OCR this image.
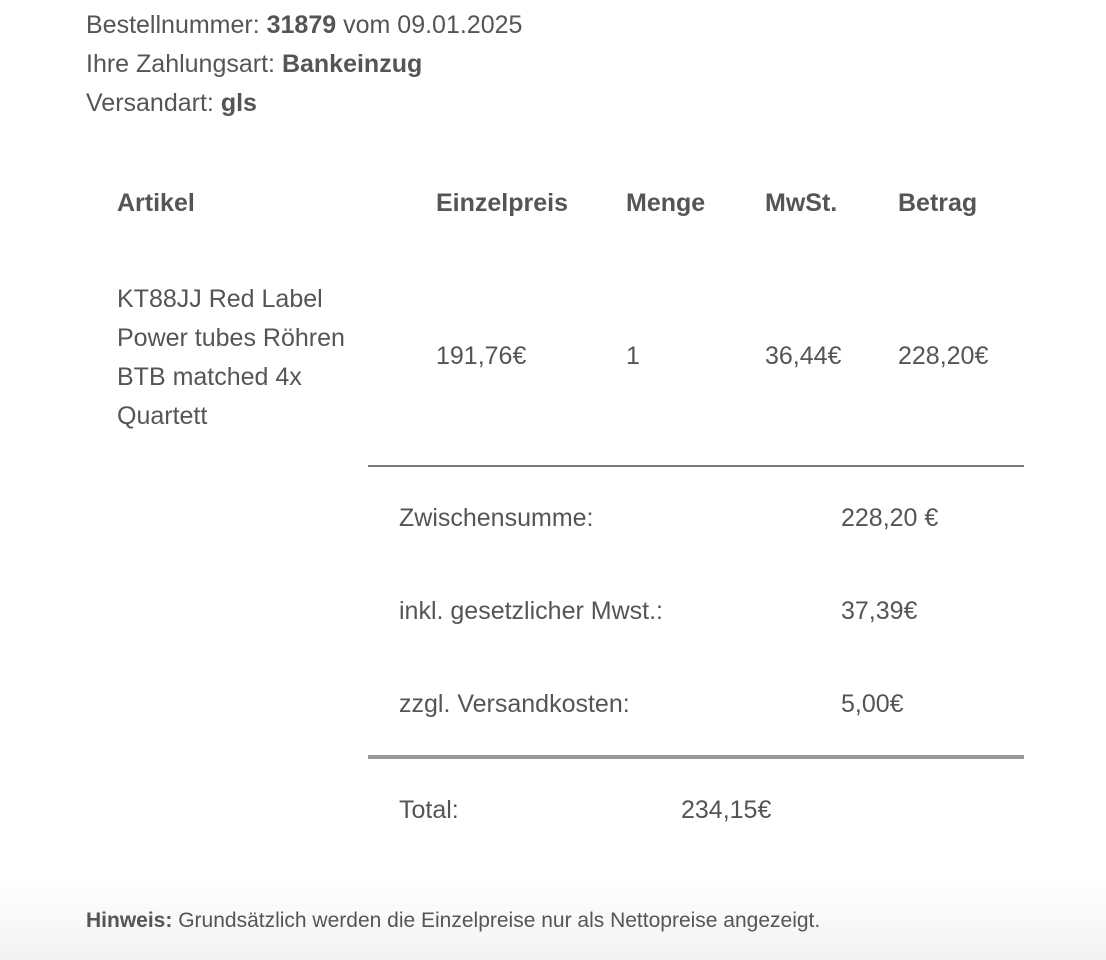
Bestellnummer: 31879 vom 09.01.2025
Ihre Zahlungsart: Bankeinzug
Versandart: gls
Artikel	Einzelpreis Menge MwSt. Betrag
KT88JJ Red Label
Power tubes Röhren
BTB matched 4x
Quartett
191,76€	1	36,44€ 228,20€
Zwischensumme:	228,20 €
inkl. gesetzlicher Mwst.:	37,39€
zzgl. Versandkosten:	5,00€
Total:	234,15€
Hinweis: Grundsätzlich werden die Einzelpreise nur als Nettopreise angezeigt.
